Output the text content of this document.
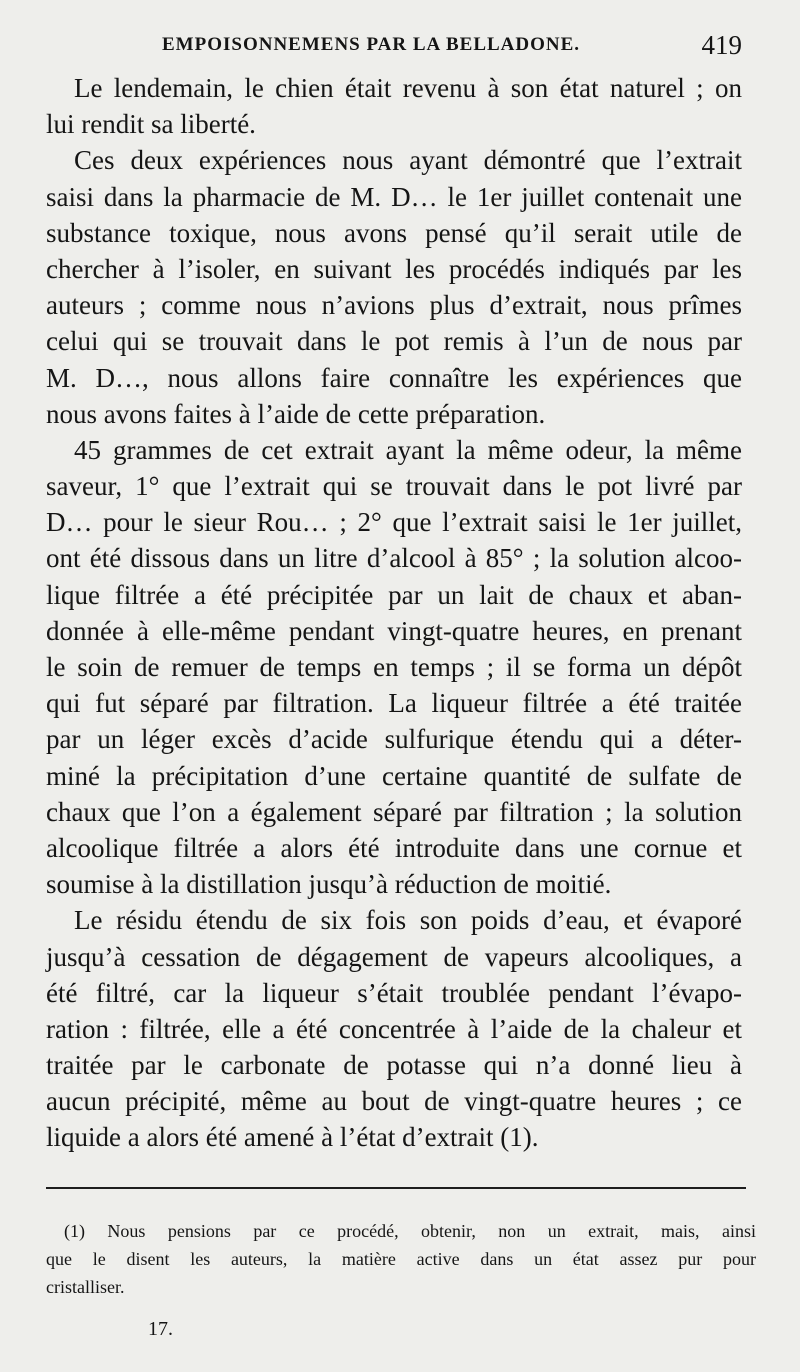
EMPOISONNEMENS PAR LA BELLADONE.	419
Le lendemain, le chien était revenu à son état naturel ; on
lui rendit sa liberté.
Ces deux expériences nous ayant démontré que l’extrait
saisi dans la pharmacie de M. D… le 1er juillet contenait une
substance toxique, nous avons pensé qu’il serait utile de
chercher à l’isoler, en suivant les procédés indiqués par les
auteurs ; comme nous n’avions plus d’extrait, nous prîmes
celui qui se trouvait dans le pot remis à l’un de nous par
M. D…, nous allons faire connaître les expériences que
nous avons faites à l’aide de cette préparation.
45 grammes de cet extrait ayant la même odeur, la même
saveur, 1° que l’extrait qui se trouvait dans le pot livré par
D… pour le sieur Rou… ; 2° que l’extrait saisi le 1er juillet,
ont été dissous dans un litre d’alcool à 85° ; la solution alcoo-
lique filtrée a été précipitée par un lait de chaux et aban-
donnée à elle-même pendant vingt-quatre heures, en prenant
le soin de remuer de temps en temps ; il se forma un dépôt
qui fut séparé par filtration. La liqueur filtrée a été traitée
par un léger excès d’acide sulfurique étendu qui a déter-
miné la précipitation d’une certaine quantité de sulfate de
chaux que l’on a également séparé par filtration ; la solution
alcoolique filtrée a alors été introduite dans une cornue et
soumise à la distillation jusqu’à réduction de moitié.
Le résidu étendu de six fois son poids d’eau, et évaporé
jusqu’à cessation de dégagement de vapeurs alcooliques, a
été filtré, car la liqueur s’était troublée pendant l’évapo-
ration : filtrée, elle a été concentrée à l’aide de la chaleur et
traitée par le carbonate de potasse qui n’a donné lieu à
aucun précipité, même au bout de vingt-quatre heures ; ce
liquide a alors été amené à l’état d’extrait (1).
(1) Nous pensions par ce procédé, obtenir, non un extrait, mais, ainsi
que le disent les auteurs, la matière active dans un état assez pur pour
cristalliser.
17.
